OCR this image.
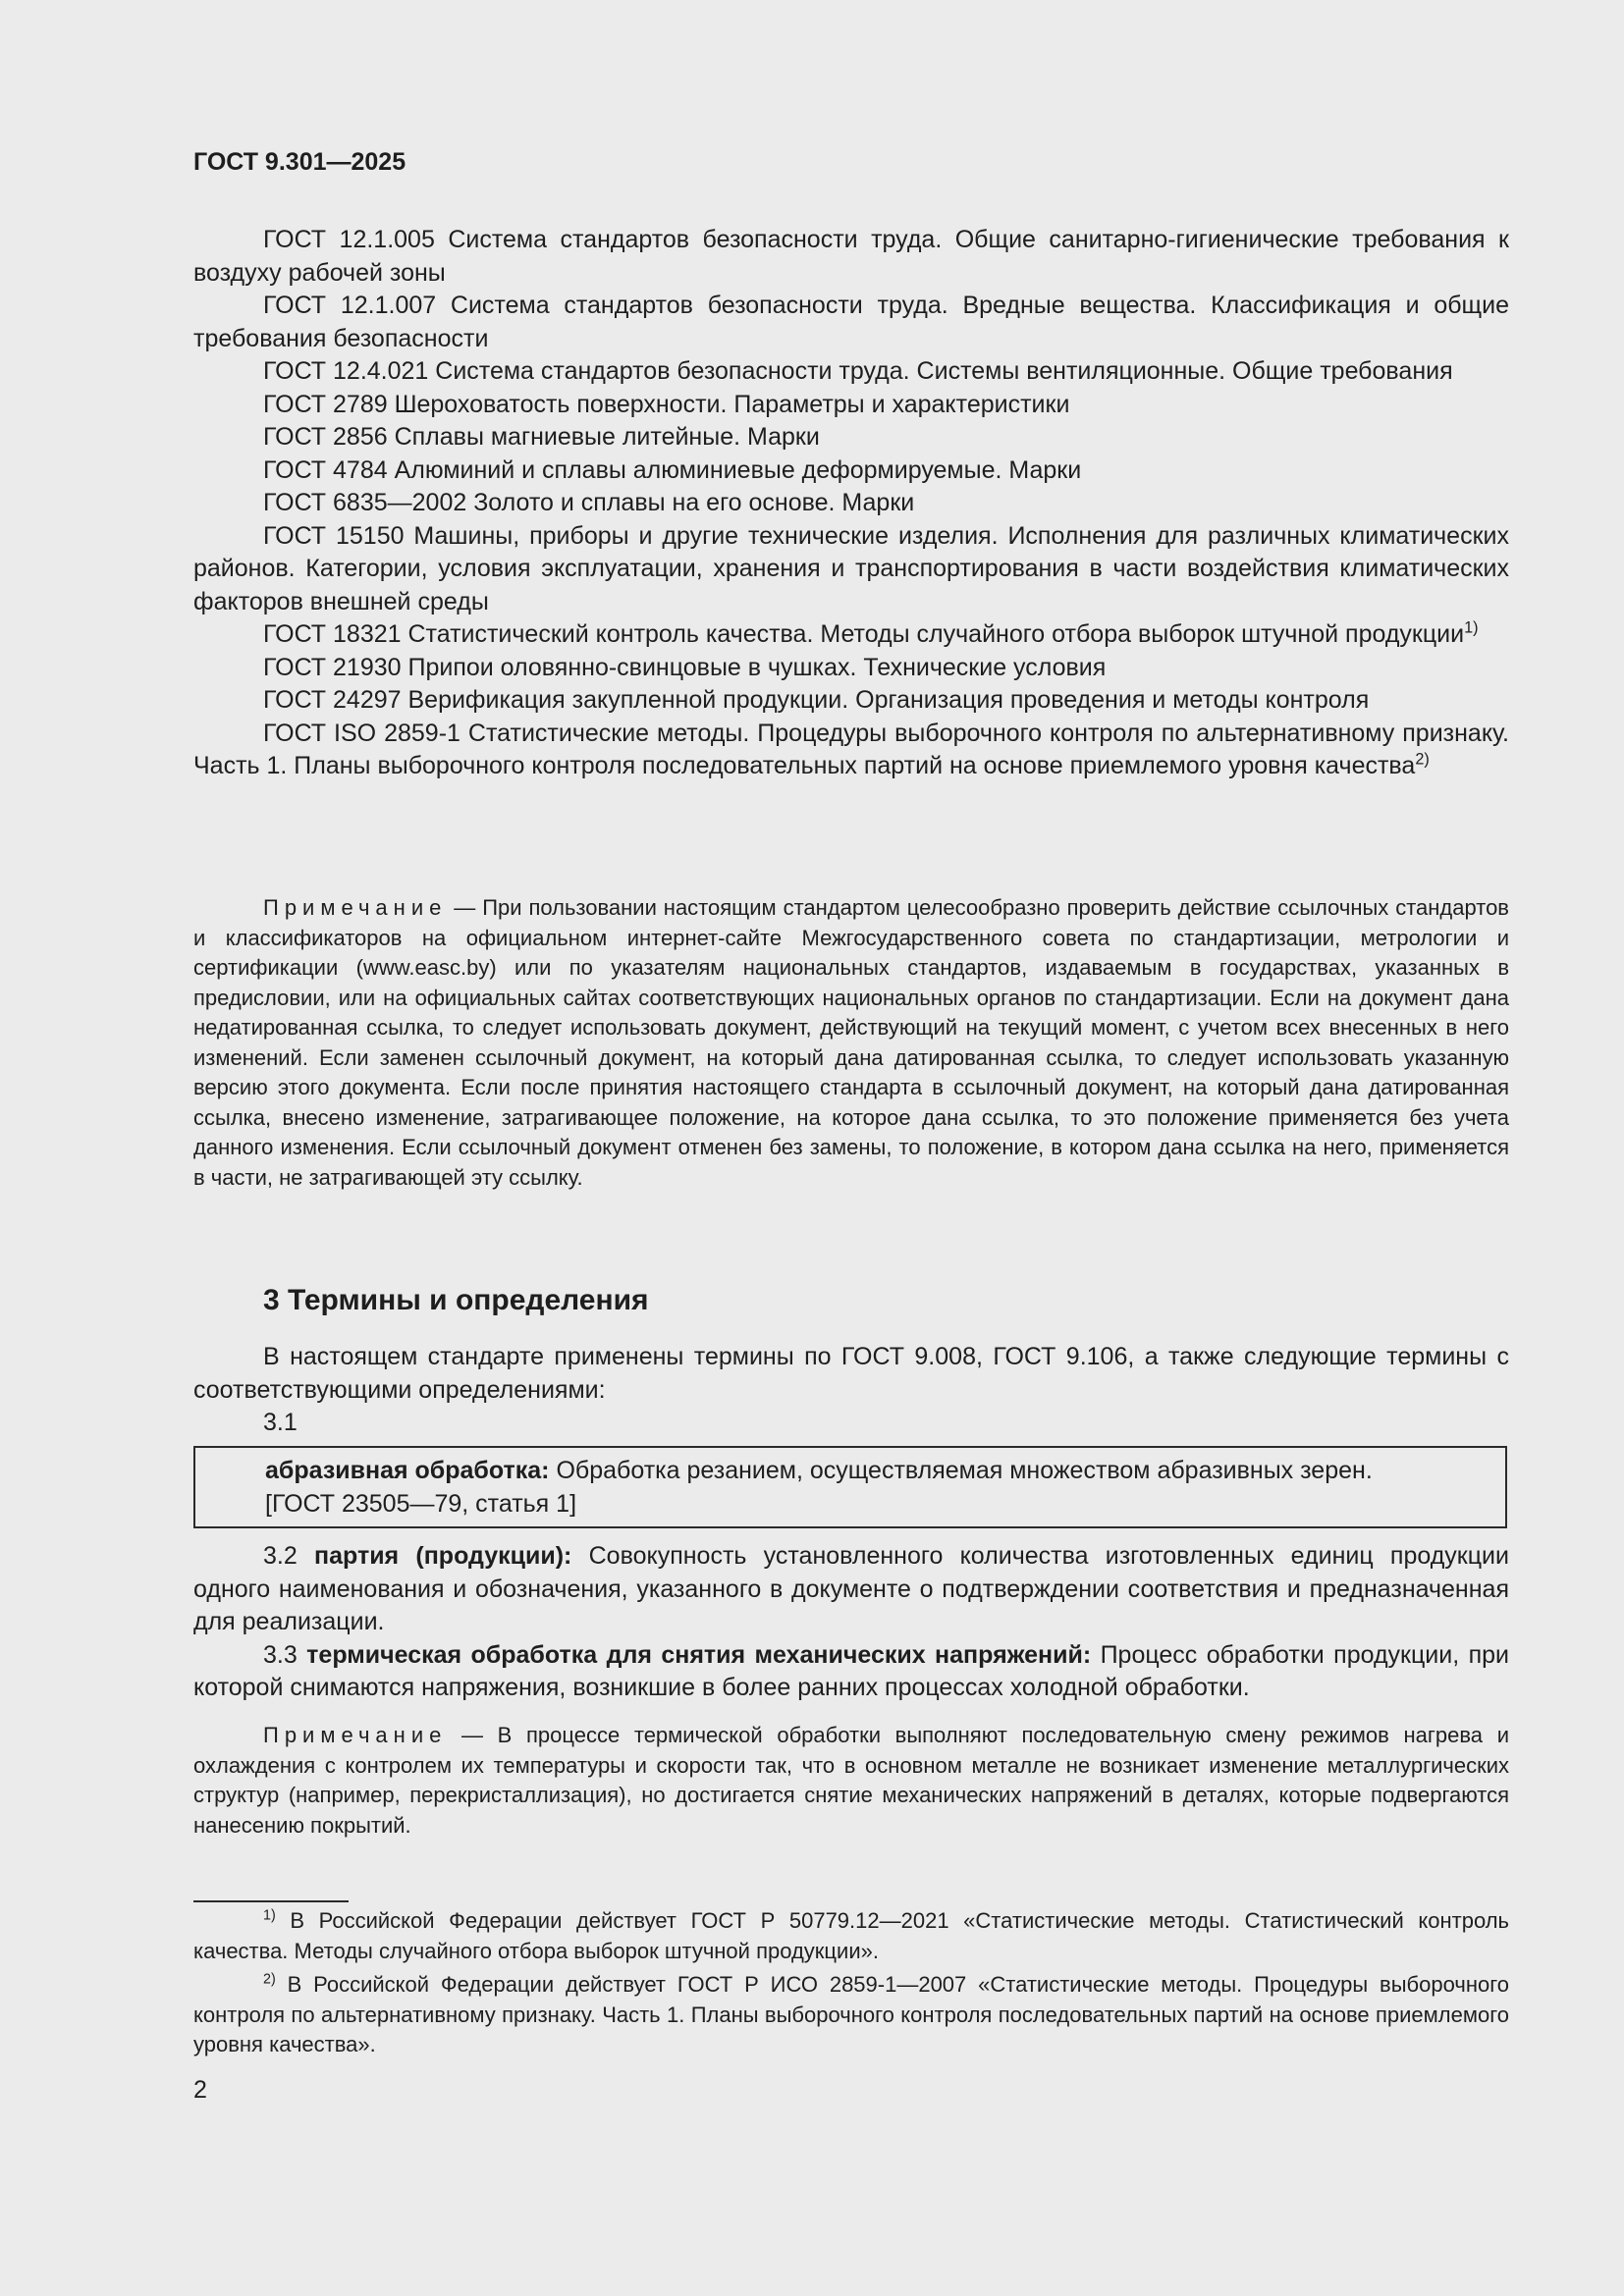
ГОСТ 9.301—2025

ГОСТ 12.1.005 Система стандартов безопасности труда. Общие санитарно-гигиенические требования к воздуху рабочей зоны

ГОСТ 12.1.007 Система стандартов безопасности труда. Вредные вещества. Классификация и общие требования безопасности

ГОСТ 12.4.021 Система стандартов безопасности труда. Системы вентиляционные. Общие требования

ГОСТ 2789 Шероховатость поверхности. Параметры и характеристики

ГОСТ 2856 Сплавы магниевые литейные. Марки

ГОСТ 4784 Алюминий и сплавы алюминиевые деформируемые. Марки

ГОСТ 6835—2002 Золото и сплавы на его основе. Марки

ГОСТ 15150 Машины, приборы и другие технические изделия. Исполнения для различных климатических районов. Категории, условия эксплуатации, хранения и транспортирования в части воздействия климатических факторов внешней среды

ГОСТ 18321 Статистический контроль качества. Методы случайного отбора выборок штучной продукции$^{1)}$

ГОСТ 21930 Припои оловянно-свинцовые в чушках. Технические условия

ГОСТ 24297 Верификация закупленной продукции. Организация проведения и методы контроля

ГОСТ ISO 2859-1 Статистические методы. Процедуры выборочного контроля по альтернативному признаку. Часть 1. Планы выборочного контроля последовательных партий на основе приемлемого уровня качества$^{2)}$

Примечание — При пользовании настоящим стандартом целесообразно проверить действие ссылочных стандартов и классификаторов на официальном интернет-сайте Межгосударственного совета по стандартизации, метрологии и сертификации (www.easc.by) или по указателям национальных стандартов, издаваемым в государствах, указанных в предисловии, или на официальных сайтах соответствующих национальных органов по стандартизации. Если на документ дана недатированная ссылка, то следует использовать документ, действующий на текущий момент, с учетом всех внесенных в него изменений. Если заменен ссылочный документ, на который дана датированная ссылка, то следует использовать указанную версию этого документа. Если после принятия настоящего стандарта в ссылочный документ, на который дана датированная ссылка, внесено изменение, затрагивающее положение, на которое дана ссылка, то это положение применяется без учета данного изменения. Если ссылочный документ отменен без замены, то положение, в котором дана ссылка на него, применяется в части, не затрагивающей эту ссылку.

3 Термины и определения

В настоящем стандарте применены термины по ГОСТ 9.008, ГОСТ 9.106, а также следующие термины с соответствующими определениями:

3.1

абразивная обработка: Обработка резанием, осуществляемая множеством абразивных зерен.
[ГОСТ 23505—79, статья 1]

3.2 партия (продукции): Совокупность установленного количества изготовленных единиц продукции одного наименования и обозначения, указанного в документе о подтверждении соответствия и предназначенная для реализации.

3.3 термическая обработка для снятия механических напряжений: Процесс обработки продукции, при которой снимаются напряжения, возникшие в более ранних процессах холодной обработки.

Примечание — В процессе термической обработки выполняют последовательную смену режимов нагрева и охлаждения с контролем их температуры и скорости так, что в основном металле не возникает изменение металлургических структур (например, перекристаллизация), но достигается снятие механических напряжений в деталях, которые подвергаются нанесению покрытий.

$^{1)}$ В Российской Федерации действует ГОСТ Р 50779.12—2021 «Статистические методы. Статистический контроль качества. Методы случайного отбора выборок штучной продукции».

$^{2)}$ В Российской Федерации действует ГОСТ Р ИСО 2859-1—2007 «Статистические методы. Процедуры выборочного контроля по альтернативному признаку. Часть 1. Планы выборочного контроля последовательных партий на основе приемлемого уровня качества».

2
